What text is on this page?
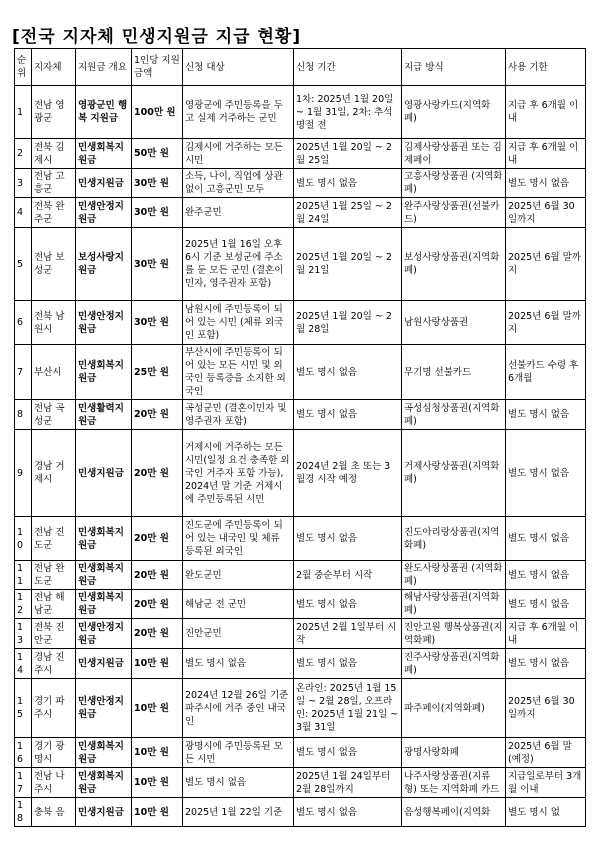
[전국 지자체 민생지원금 지급 현황]
순위	지자체	지원금 개요	1인당 지원 금액	신청 대상	신청 기간	지급 방식	사용 기한
1	전남 영광군	영광군민 행복 지원금	100만 원	영광군에 주민등록을 두고 실제 거주하는 군민	1차: 2025년 1월 20일 ~ 1월 31일, 2차: 추석 명절 전	영광사랑카드(지역화폐)	지급 후 6개월 이내
2	전북 김제시	민생회복지원금	50만 원	김제시에 거주하는 모든 시민	2025년 1월 20일 ~ 2월 25일	김제사랑상품권 또는 김제페이	지급 후 6개월 이내
3	전남 고흥군	민생지원금	30만 원	소득, 나이, 직업에 상관없이 고흥군민 모두	별도 명시 없음	고흥사랑상품권 (지역화폐)	별도 명시 없음
4	전북 완주군	민생안정지원금	30만 원	완주군민	2025년 1월 25일 ~ 2월 24일	완주사랑상품권(선불카드)	2025년 6월 30일까지
5	전남 보성군	보성사랑지원금	30만 원	2025년 1월 16일 오후 6시 기준 보성군에 주소를 둔 모든 군민 (결혼이민자, 영주권자 포함)	2025년 1월 20일 ~ 2월 21일	보성사랑상품권(지역화폐)	2025년 6월 말까지
6	전북 남원시	민생안정지원금	30만 원	남원시에 주민등록이 되어 있는 시민 (체류 외국인 포함)	2025년 1월 20일 ~ 2월 28일	남원사랑상품권	2025년 6월 말까지
7	부산시	민생회복지원금	25만 원	부산시에 주민등록이 되어 있는 모든 시민 및 외국인 등록증을 소지한 외국인	별도 명시 없음	무기명 선불카드	선불카드 수령 후 6개월
8	전남 곡성군	민생활력지원금	20만 원	곡성군민 (결혼이민자 및 영주권자 포함)	별도 명시 없음	곡성심청상품권(지역화폐)	별도 명시 없음
9	경남 거제시	민생지원금	20만 원	거제시에 거주하는 모든 시민(일정 요건 충족한 외국인 거주자 포함 가능), 2024년 말 기준 거제시에 주민등록된 시민	2024년 2월 초 또는 3월경 시작 예정	거제사랑상품권(지역화폐)	별도 명시 없음
10	전남 진도군	민생회복지원금	20만 원	진도군에 주민등록이 되어 있는 내국인 및 체류 등록된 외국인	별도 명시 없음	진도아리랑상품권(지역화폐)	별도 명시 없음
11	전남 완도군	민생회복지원금	20만 원	완도군민	2월 중순부터 시작	완도사랑상품권 (지역화폐)	별도 명시 없음
12	전남 해남군	민생회복지원금	20만 원	해남군 전 군민	별도 명시 없음	해남사랑상품권(지역화폐)	별도 명시 없음
13	전북 진안군	민생안정지원금	20만 원	진안군민	2025년 2월 1일부터 시작	진안고원 행복상품권(지역화폐)	지급 후 6개월 이내
14	경남 진주시	민생지원금	10만 원	별도 명시 없음	별도 명시 없음	진주사랑상품권(지역화폐)	별도 명시 없음
15	경기 파주시	민생안정지원금	10만 원	2024년 12월 26일 기준 파주시에 거주 중인 내국인	온라인: 2025년 1월 15일 ~ 2월 28일, 오프라인: 2025년 1월 21일 ~ 3월 31일	파주페이(지역화폐)	2025년 6월 30일까지
16	경기 광명시	민생회복지원금	10만 원	광명시에 주민등록된 모든 시민	별도 명시 없음	광명사랑화폐	2025년 6월 말(예정)
17	전남 나주시	민생회복지원금	10만 원	별도 명시 없음	2025년 1월 24일부터 2월 28일까지	나주사랑상품권(지류형) 또는 지역화폐 카드	지급일로부터 3개월 이내
18	충북 음	민생지원금	10만 원	2025년 1월 22일 기준	별도 명시 없음	음성행복페이(지역화	별도 명시 없
